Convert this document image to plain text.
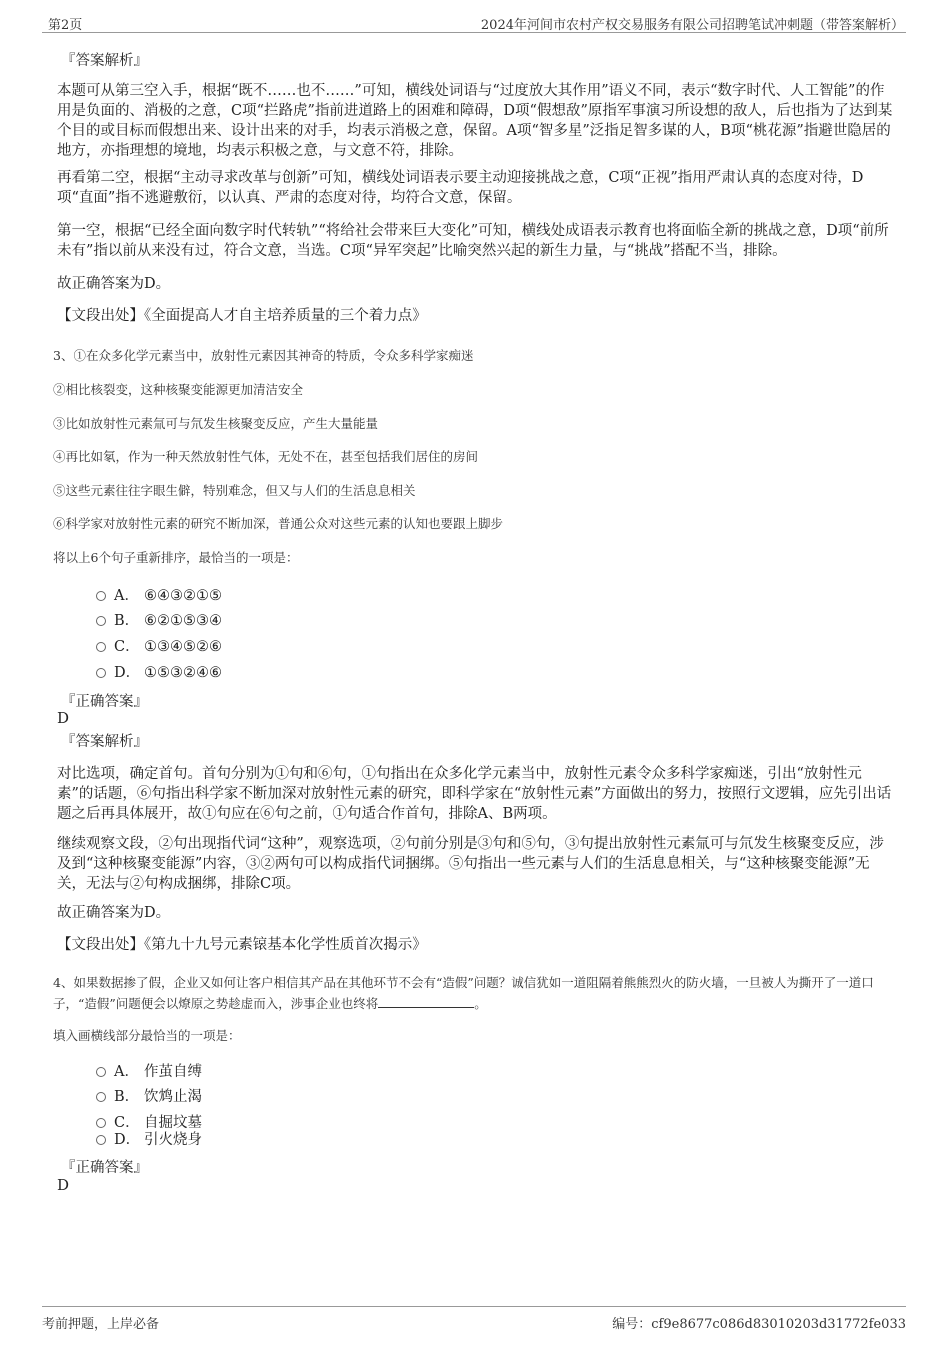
第2页	2024年河间市农村产权交易服务有限公司招聘笔试冲刺题（带答案解析）
『答案解析』
本题可从第三空入手，根据“既不……也不……”可知，横线处词语与“过度放大其作用”语义不同，表示“数字时代、人工智能”的作用是负面的、消极的之意，C项“拦路虎”指前进道路上的困难和障碍，D项“假想敌”原指军事演习所设想的敌人，后也指为了达到某个目的或目标而假想出来、设计出来的对手，均表示消极之意，保留。A项“智多星”泛指足智多谋的人，B项“桃花源”指避世隐居的地方，亦指理想的境地，均表示积极之意，与文意不符，排除。
再看第二空，根据“主动寻求改革与创新”可知，横线处词语表示要主动迎接挑战之意，C项“正视”指用严肃认真的态度对待，D项“直面”指不逃避敷衍，以认真、严肃的态度对待，均符合文意，保留。
第一空，根据“已经全面向数字时代转轨”“将给社会带来巨大变化”可知，横线处成语表示教育也将面临全新的挑战之意，D项“前所未有”指以前从来没有过，符合文意，当选。C项“异军突起”比喻突然兴起的新生力量，与“挑战”搭配不当，排除。
故正确答案为D。
【文段出处】《全面提高人才自主培养质量的三个着力点》
3、①在众多化学元素当中，放射性元素因其神奇的特质，令众多科学家痴迷
②相比核裂变，这种核聚变能源更加清洁安全
③比如放射性元素氚可与氘发生核聚变反应，产生大量能量
④再比如氡，作为一种天然放射性气体，无处不在，甚至包括我们居住的房间
⑤这些元素往往字眼生僻，特别难念，但又与人们的生活息息相关
⑥科学家对放射性元素的研究不断加深，普通公众对这些元素的认知也要跟上脚步
将以上6个句子重新排序，最恰当的一项是：
A． ⑥④③②①⑤
B． ⑥②①⑤③④
C． ①③④⑤②⑥
D． ①⑤③②④⑥
『正确答案』
D
『答案解析』
对比选项，确定首句。首句分别为①句和⑥句，①句指出在众多化学元素当中，放射性元素令众多科学家痴迷，引出“放射性元素”的话题，⑥句指出科学家不断加深对放射性元素的研究，即科学家在“放射性元素”方面做出的努力，按照行文逻辑，应先引出话题之后再具体展开，故①句应在⑥句之前，①句适合作首句，排除A、B两项。
继续观察文段，②句出现指代词“这种”，观察选项，②句前分别是③句和⑤句，③句提出放射性元素氚可与氘发生核聚变反应，涉及到“这种核聚变能源”内容，③②两句可以构成指代词捆绑。⑤句指出一些元素与人们的生活息息相关，与“这种核聚变能源”无关，无法与②句构成捆绑，排除C项。
故正确答案为D。
【文段出处】《第九十九号元素锿基本化学性质首次揭示》
4、如果数据掺了假，企业又如何让客户相信其产品在其他环节不会有“造假”问题？诚信犹如一道阻隔着熊熊烈火的防火墙，一旦被人为撕开了一道口子，“造假”问题便会以燎原之势趁虚而入，涉事企业也终将	。
填入画横线部分最恰当的一项是：
A． 作茧自缚
B． 饮鸩止渴
C． 自掘坟墓
D． 引火烧身
『正确答案』
D
考前押题，上岸必备	编号：cf9e8677c086d83010203d31772fe033
